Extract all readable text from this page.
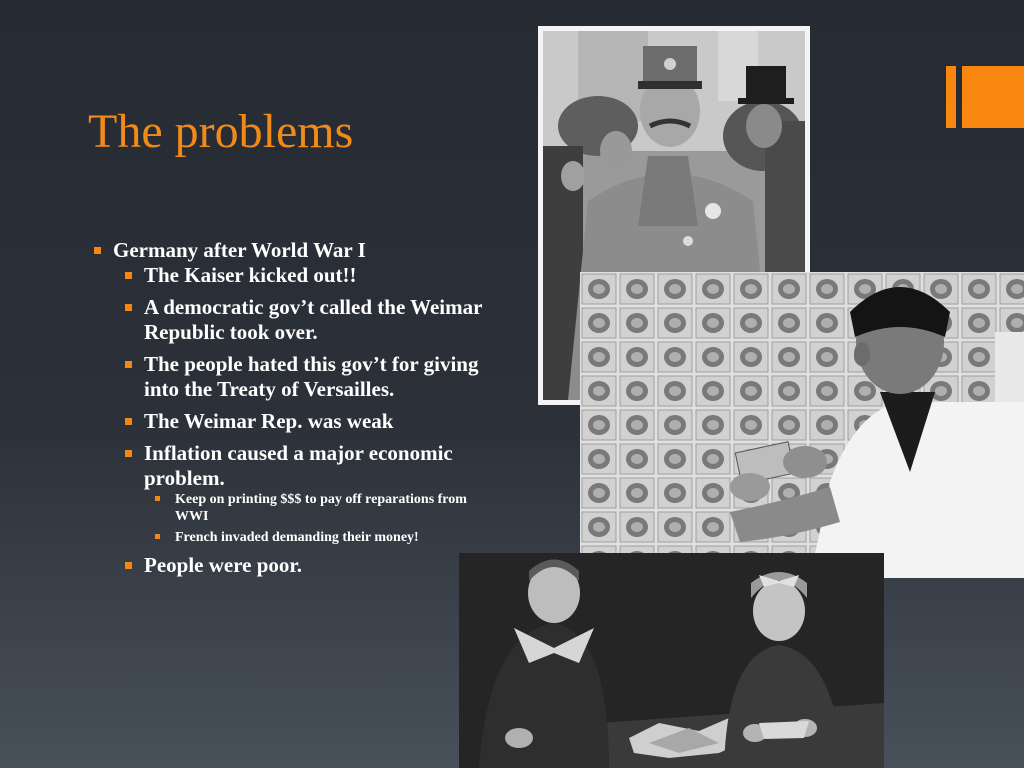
The problems
Germany after World War I
The Kaiser kicked out!!
A democratic gov’t called the Weimar Republic took over.
The people hated this gov’t for giving into the Treaty of Versailles.
The Weimar Rep. was weak
Inflation caused a major economic problem.
Keep on printing $$$ to pay off reparations from WWI
French invaded demanding their money!
People were poor.
